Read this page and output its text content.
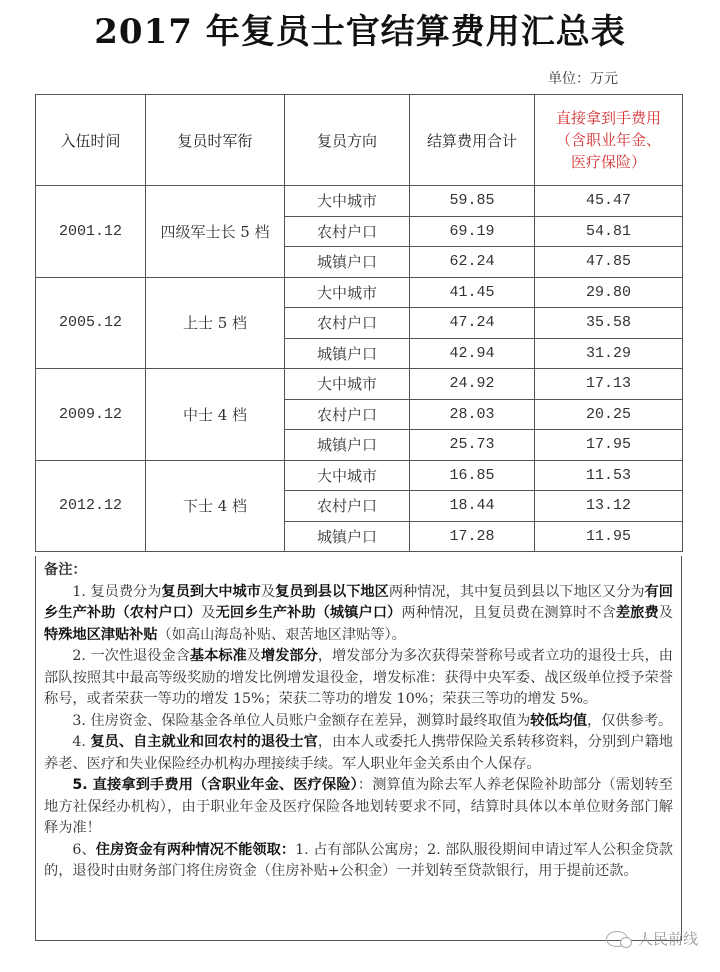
2017 年复员士官结算费用汇总表
单位：万元
入伍时间	复员时军衔	复员方向	结算费用合计	直接拿到手费用（含职业年金、医疗保险）
2001.12	四级军士长 5 档	大中城市	59.85	45.47
		农村户口	69.19	54.81
		城镇户口	62.24	47.85
2005.12	上士 5 档	大中城市	41.45	29.80
		农村户口	47.24	35.58
		城镇户口	42.94	31.29
2009.12	中士 4 档	大中城市	24.92	17.13
		农村户口	28.03	20.25
		城镇户口	25.73	17.95
2012.12	下士 4 档	大中城市	16.85	11.53
		农村户口	18.44	13.12
		城镇户口	17.28	11.95
备注：

1. 复员费分为复员到大中城市及复员到县以下地区两种情况，其中复员到县以下地区又分为有回乡生产补助（农村户口）及无回乡生产补助（城镇户口）两种情况，且复员费在测算时不含差旅费及特殊地区津贴补贴（如高山海岛补贴、艰苦地区津贴等）。

2. 一次性退役金含基本标准及增发部分，增发部分为多次获得荣誉称号或者立功的退役士兵，由部队按照其中最高等级奖励的增发比例增发退役金，增发标准：获得中央军委、战区级单位授予荣誉称号，或者荣获一等功的增发 15%；荣获二等功的增发 10%；荣获三等功的增发 5%。

3. 住房资金、保险基金各单位人员账户金额存在差异，测算时最终取值为较低均值，仅供参考。

4. 复员、自主就业和回农村的退役士官，由本人或委托人携带保险关系转移资料，分别到户籍地养老、医疗和失业保险经办机构办理接续手续。军人职业年金关系由个人保存。

5. 直接拿到手费用（含职业年金、医疗保险）：测算值为除去军人养老保险补助部分（需划转至地方社保经办机构），由于职业年金及医疗保险各地划转要求不同，结算时具体以本单位财务部门解释为准！

6、住房资金有两种情况不能领取：1. 占有部队公寓房；2. 部队服役期间申请过军人公积金贷款的，退役时由财务部门将住房资金（住房补贴+公积金）一并划转至贷款银行，用于提前还款。

人民前线
